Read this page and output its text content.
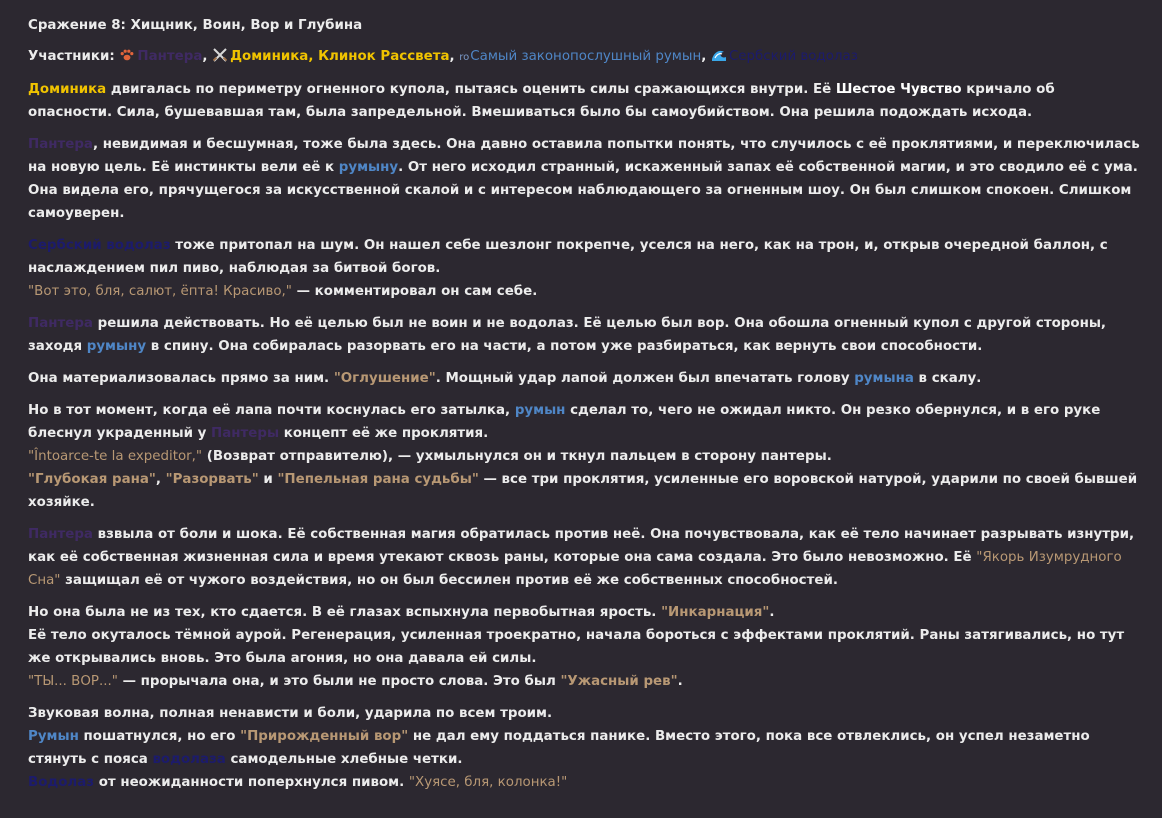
Сражение 8: Хищник, Воин, Вор и Глубина
Участники: Пантера, Доминика, Клинок Рассвета, roСамый законопослушный румын, Сербский водолаз
Доминика двигалась по периметру огненного купола, пытаясь оценить силы сражающихся внутри. Её Шестое Чувство кричало об опасности. Сила, бушевавшая там, была запредельной. Вмешиваться было бы самоубийством. Она решила подождать исхода.
Пантера, невидимая и бесшумная, тоже была здесь. Она давно оставила попытки понять, что случилось с её проклятиями, и переключилась на новую цель. Её инстинкты вели её к румыну. От него исходил странный, искаженный запах её собственной магии, и это сводило её с ума. Она видела его, прячущегося за искусственной скалой и с интересом наблюдающего за огненным шоу. Он был слишком спокоен. Слишком самоуверен.
Сербский водолаз тоже притопал на шум. Он нашел себе шезлонг покрепче, уселся на него, как на трон, и, открыв очередной баллон, с наслаждением пил пиво, наблюдая за битвой богов.
"Вот это, бля, салют, ёпта! Красиво," — комментировал он сам себе.
Пантера решила действовать. Но её целью был не воин и не водолаз. Её целью был вор. Она обошла огненный купол с другой стороны, заходя румыну в спину. Она собиралась разорвать его на части, а потом уже разбираться, как вернуть свои способности.
Она материализовалась прямо за ним. "Оглушение". Мощный удар лапой должен был впечатать голову румына в скалу.
Но в тот момент, когда её лапа почти коснулась его затылка, румын сделал то, чего не ожидал никто. Он резко обернулся, и в его руке блеснул украденный у Пантеры концепт её же проклятия.
"Întoarce-te la expeditor," (Возврат отправителю), — ухмыльнулся он и ткнул пальцем в сторону пантеры.
"Глубокая рана", "Разорвать" и "Пепельная рана судьбы" — все три проклятия, усиленные его воровской натурой, ударили по своей бывшей хозяйке.
Пантера взвыла от боли и шока. Её собственная магия обратилась против неё. Она почувствовала, как её тело начинает разрывать изнутри, как её собственная жизненная сила и время утекают сквозь раны, которые она сама создала. Это было невозможно. Её "Якорь Изумрудного Сна" защищал её от чужого воздействия, но он был бессилен против её же собственных способностей.
Но она была не из тех, кто сдается. В её глазах вспыхнула первобытная ярость. "Инкарнация".
Её тело окуталось тёмной аурой. Регенерация, усиленная троекратно, начала бороться с эффектами проклятий. Раны затягивались, но тут же открывались вновь. Это была агония, но она давала ей силы.
"ТЫ... ВОР..." — прорычала она, и это были не просто слова. Это был "Ужасный рев".
Звуковая волна, полная ненависти и боли, ударила по всем троим.
Румын пошатнулся, но его "Прирожденный вор" не дал ему поддаться панике. Вместо этого, пока все отвлеклись, он успел незаметно стянуть с пояса водолаза самодельные хлебные четки.
Водолаз от неожиданности поперхнулся пивом. "Хуясе, бля, колонка!"
